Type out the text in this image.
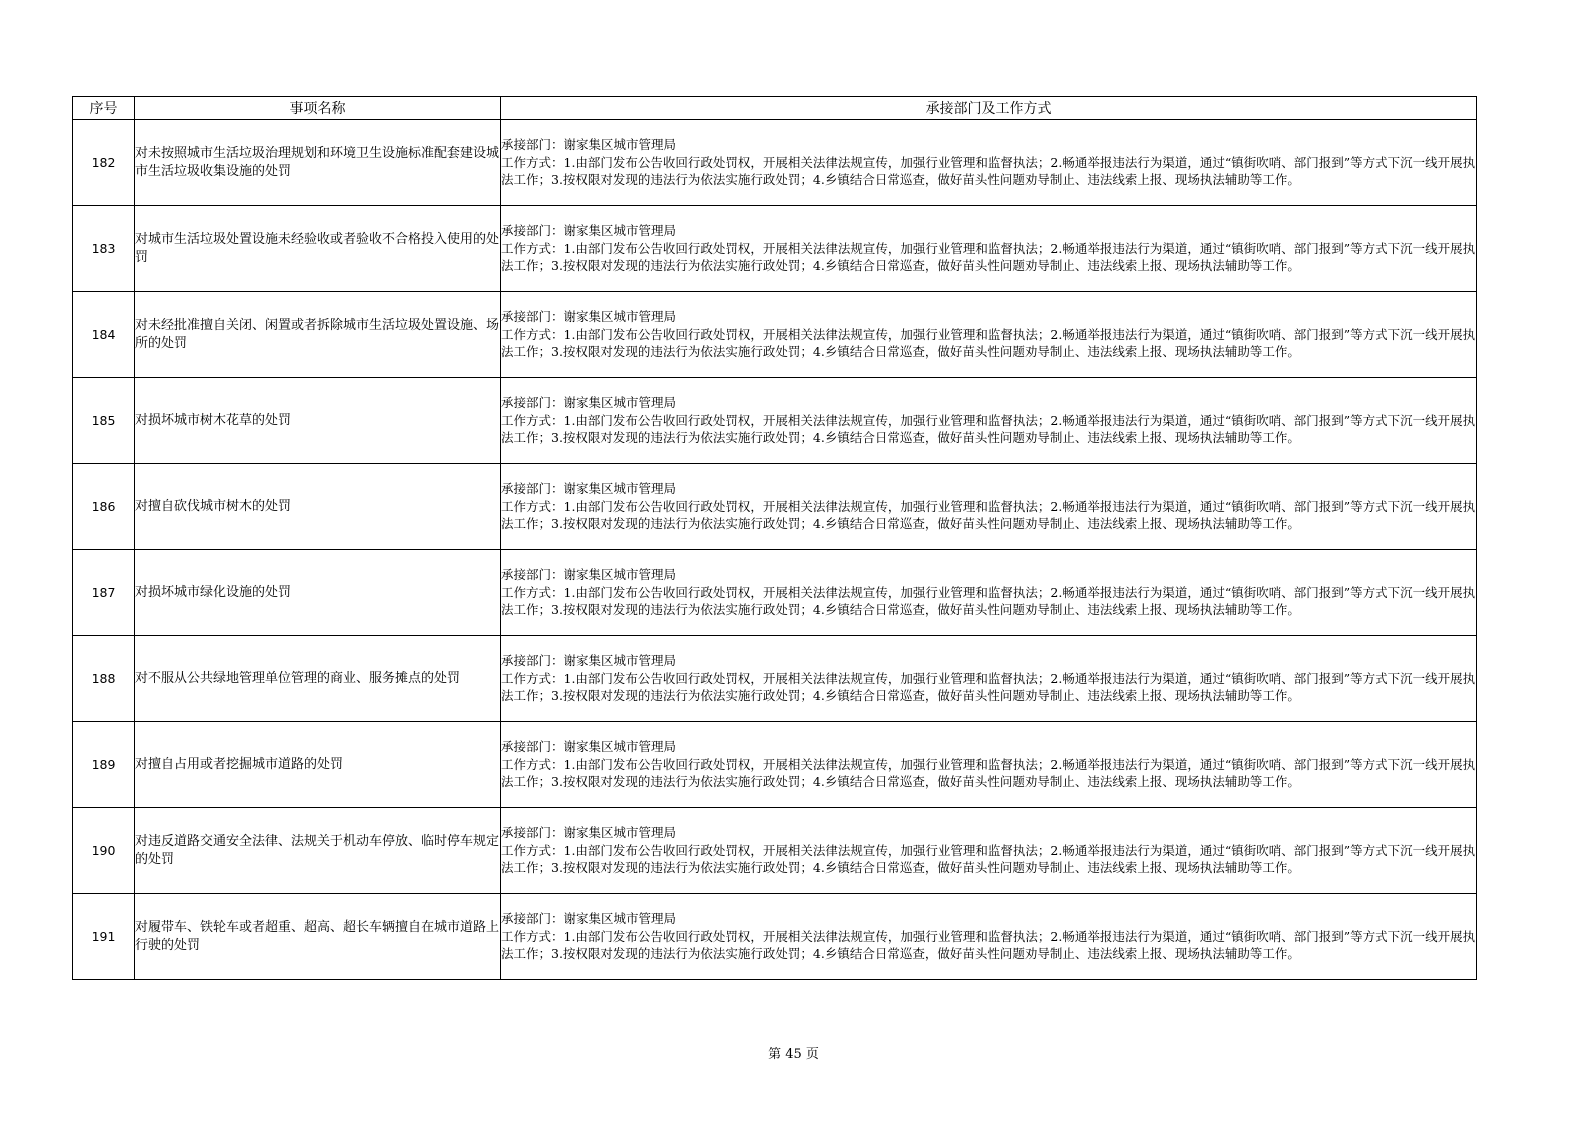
序号	事项名称	承接部门及工作方式
182	对未按照城市生活垃圾治理规划和环境卫生设施标准配套建设城市生活垃圾收集设施的处罚	承接部门：谢家集区城市管理局
工作方式：1.由部门发布公告收回行政处罚权，开展相关法律法规宣传，加强行业管理和监督执法；2.畅通举报违法行为渠道，通过“镇街吹哨、部门报到”等方式下沉一线开展执法工作；3.按权限对发现的违法行为依法实施行政处罚；4.乡镇结合日常巡查，做好苗头性问题劝导制止、违法线索上报、现场执法辅助等工作。

183	对城市生活垃圾处置设施未经验收或者验收不合格投入使用的处罚	承接部门：谢家集区城市管理局
工作方式：1.由部门发布公告收回行政处罚权，开展相关法律法规宣传，加强行业管理和监督执法；2.畅通举报违法行为渠道，通过“镇街吹哨、部门报到”等方式下沉一线开展执法工作；3.按权限对发现的违法行为依法实施行政处罚；4.乡镇结合日常巡查，做好苗头性问题劝导制止、违法线索上报、现场执法辅助等工作。

184	对未经批准擅自关闭、闲置或者拆除城市生活垃圾处置设施、场所的处罚	承接部门：谢家集区城市管理局
工作方式：1.由部门发布公告收回行政处罚权，开展相关法律法规宣传，加强行业管理和监督执法；2.畅通举报违法行为渠道，通过“镇街吹哨、部门报到”等方式下沉一线开展执法工作；3.按权限对发现的违法行为依法实施行政处罚；4.乡镇结合日常巡查，做好苗头性问题劝导制止、违法线索上报、现场执法辅助等工作。

185	对损坏城市树木花草的处罚	承接部门：谢家集区城市管理局
工作方式：1.由部门发布公告收回行政处罚权，开展相关法律法规宣传，加强行业管理和监督执法；2.畅通举报违法行为渠道，通过“镇街吹哨、部门报到”等方式下沉一线开展执法工作；3.按权限对发现的违法行为依法实施行政处罚；4.乡镇结合日常巡查，做好苗头性问题劝导制止、违法线索上报、现场执法辅助等工作。

186	对擅自砍伐城市树木的处罚	承接部门：谢家集区城市管理局
工作方式：1.由部门发布公告收回行政处罚权，开展相关法律法规宣传，加强行业管理和监督执法；2.畅通举报违法行为渠道，通过“镇街吹哨、部门报到”等方式下沉一线开展执法工作；3.按权限对发现的违法行为依法实施行政处罚；4.乡镇结合日常巡查，做好苗头性问题劝导制止、违法线索上报、现场执法辅助等工作。

187	对损坏城市绿化设施的处罚	承接部门：谢家集区城市管理局
工作方式：1.由部门发布公告收回行政处罚权，开展相关法律法规宣传，加强行业管理和监督执法；2.畅通举报违法行为渠道，通过“镇街吹哨、部门报到”等方式下沉一线开展执法工作；3.按权限对发现的违法行为依法实施行政处罚；4.乡镇结合日常巡查，做好苗头性问题劝导制止、违法线索上报、现场执法辅助等工作。

188	对不服从公共绿地管理单位管理的商业、服务摊点的处罚	承接部门：谢家集区城市管理局
工作方式：1.由部门发布公告收回行政处罚权，开展相关法律法规宣传，加强行业管理和监督执法；2.畅通举报违法行为渠道，通过“镇街吹哨、部门报到”等方式下沉一线开展执法工作；3.按权限对发现的违法行为依法实施行政处罚；4.乡镇结合日常巡查，做好苗头性问题劝导制止、违法线索上报、现场执法辅助等工作。

189	对擅自占用或者挖掘城市道路的处罚	承接部门：谢家集区城市管理局
工作方式：1.由部门发布公告收回行政处罚权，开展相关法律法规宣传，加强行业管理和监督执法；2.畅通举报违法行为渠道，通过“镇街吹哨、部门报到”等方式下沉一线开展执法工作；3.按权限对发现的违法行为依法实施行政处罚；4.乡镇结合日常巡查，做好苗头性问题劝导制止、违法线索上报、现场执法辅助等工作。

190	对违反道路交通安全法律、法规关于机动车停放、临时停车规定的处罚	承接部门：谢家集区城市管理局
工作方式：1.由部门发布公告收回行政处罚权，开展相关法律法规宣传，加强行业管理和监督执法；2.畅通举报违法行为渠道，通过“镇街吹哨、部门报到”等方式下沉一线开展执法工作；3.按权限对发现的违法行为依法实施行政处罚；4.乡镇结合日常巡查，做好苗头性问题劝导制止、违法线索上报、现场执法辅助等工作。

191	对履带车、铁轮车或者超重、超高、超长车辆擅自在城市道路上行驶的处罚	承接部门：谢家集区城市管理局
工作方式：1.由部门发布公告收回行政处罚权，开展相关法律法规宣传，加强行业管理和监督执法；2.畅通举报违法行为渠道，通过“镇街吹哨、部门报到”等方式下沉一线开展执法工作；3.按权限对发现的违法行为依法实施行政处罚；4.乡镇结合日常巡查，做好苗头性问题劝导制止、违法线索上报、现场执法辅助等工作。
第 45 页
